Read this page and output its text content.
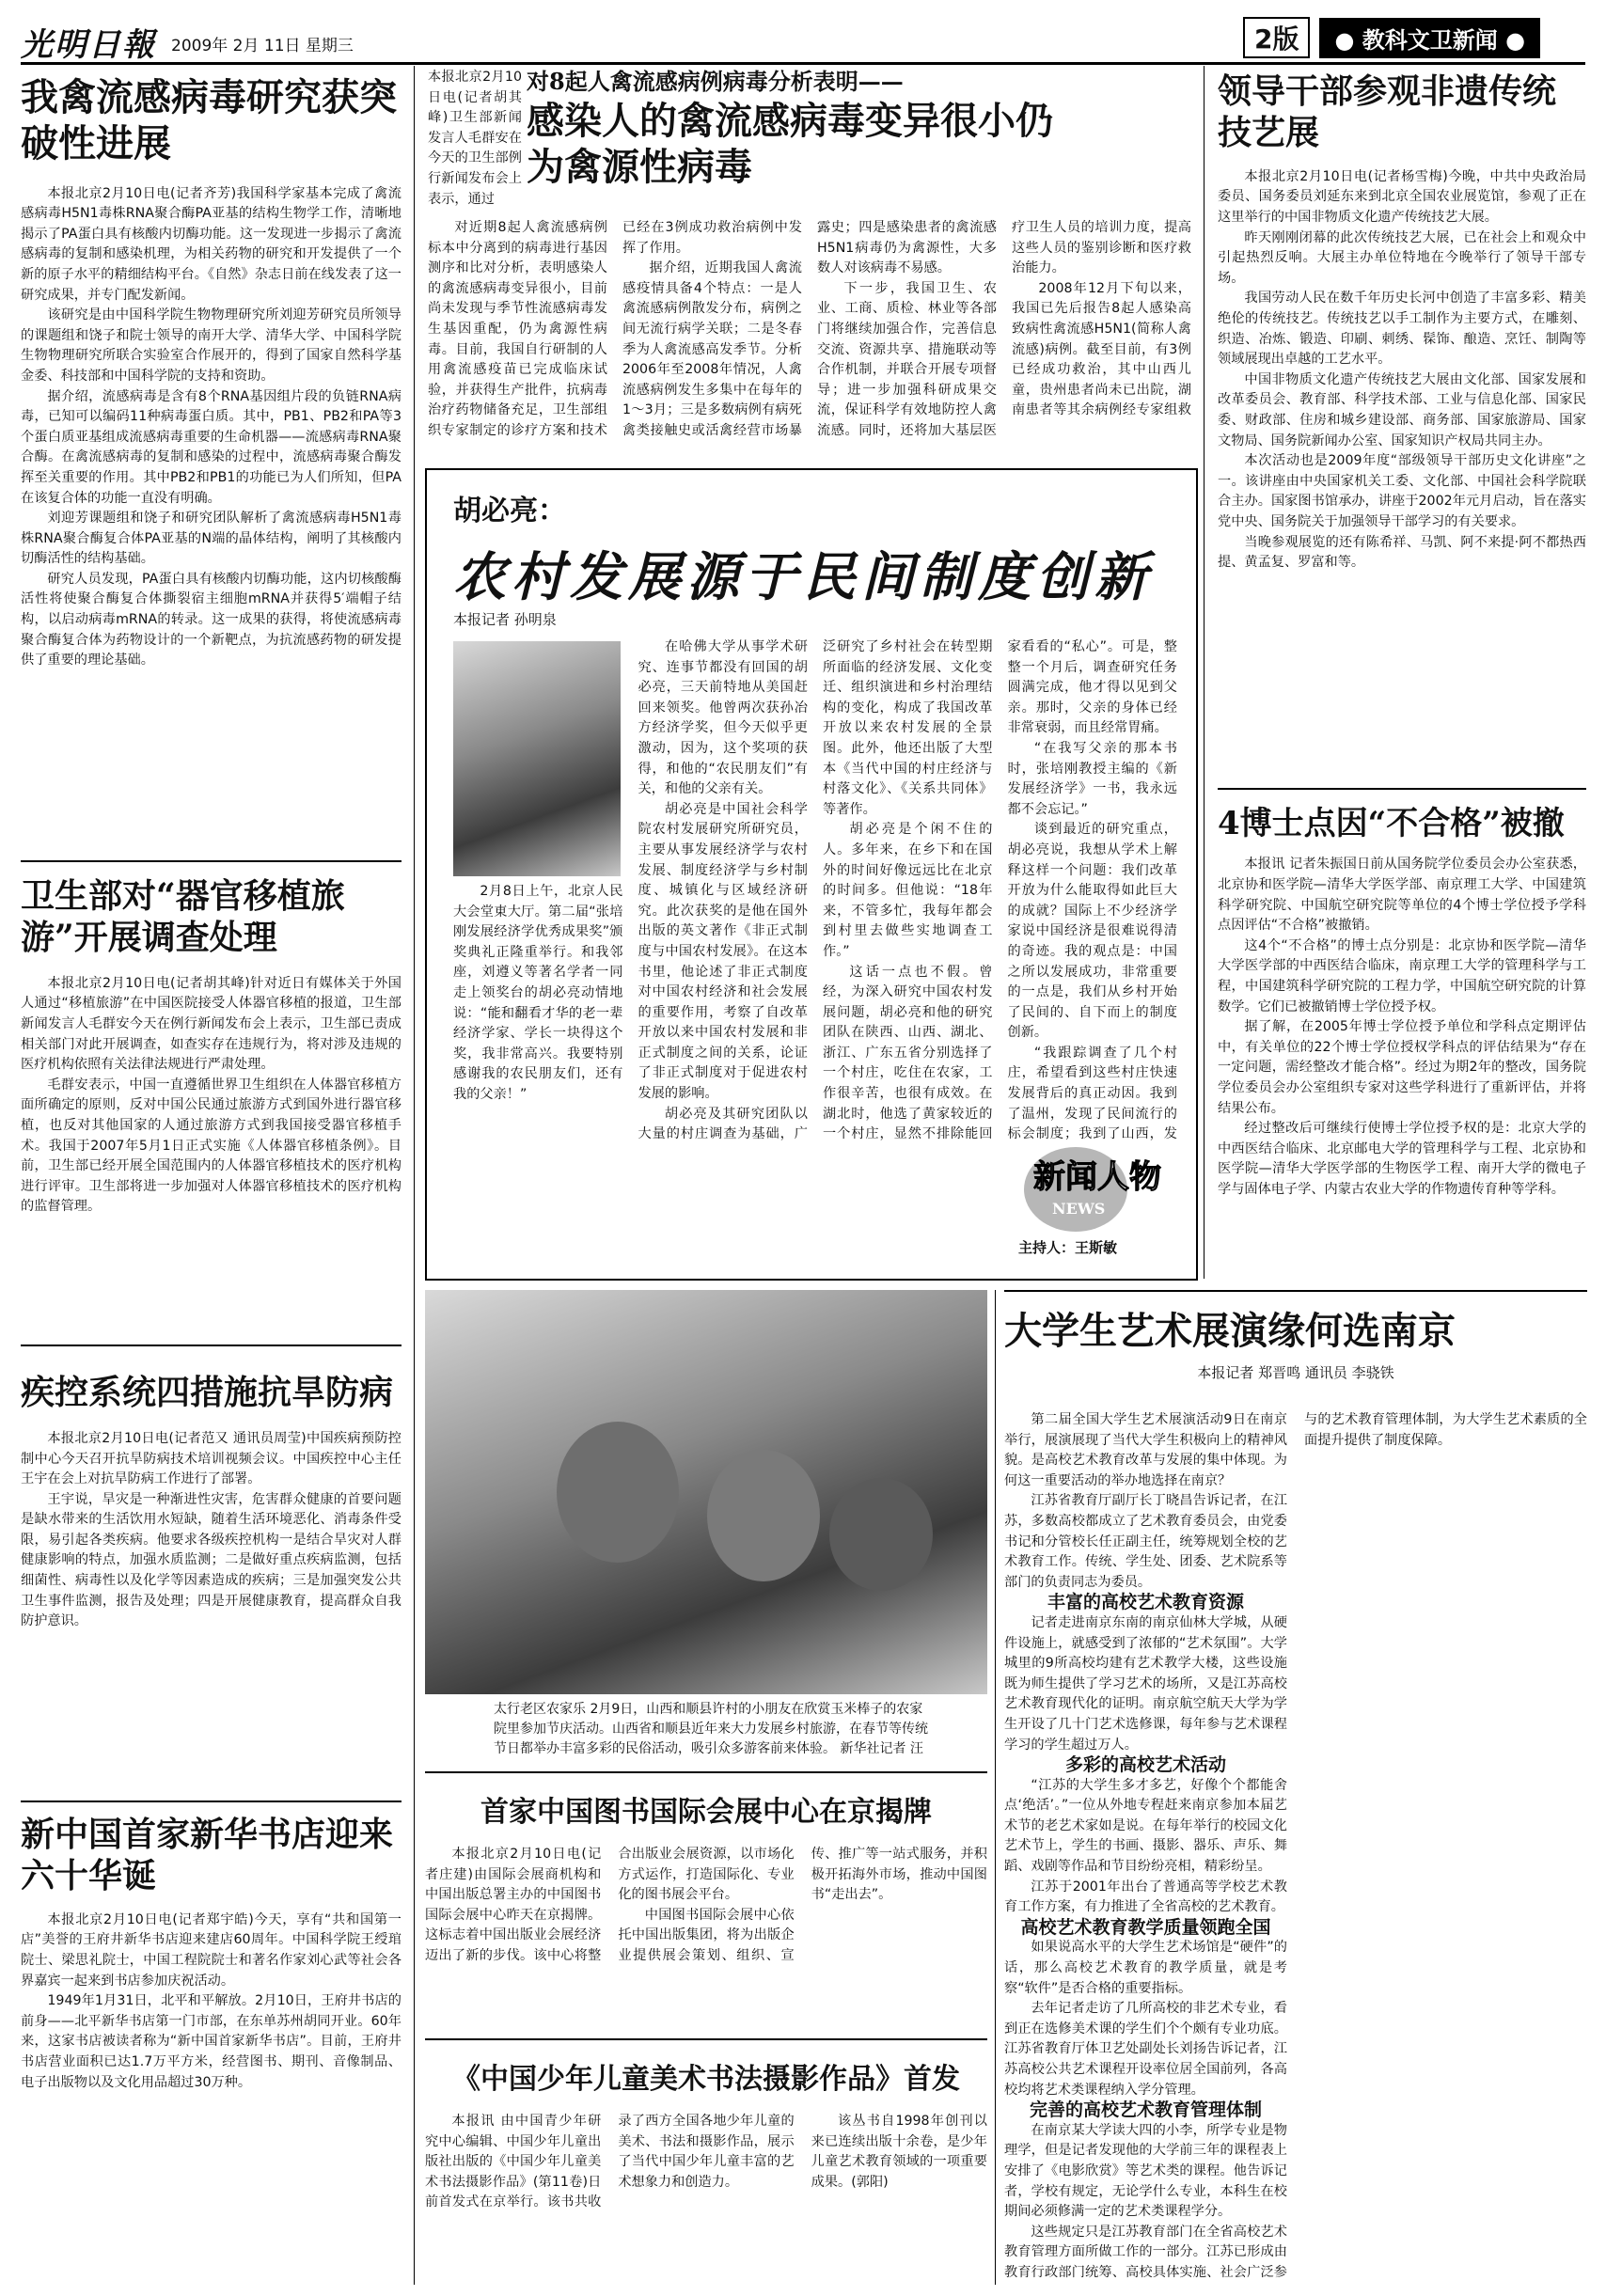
光明日報 2009年 2月 11日 星期三	2版	● 教科文卫新闻 ●
我禽流感病毒研究获突破性进展

本报北京2月10日电(记者齐芳)我国科学家基本完成了禽流感病毒H5N1毒株RNA聚合酶PA亚基的结构生物学工作，清晰地揭示了PA蛋白具有核酸内切酶功能。这一发现进一步揭示了禽流感病毒的复制和感染机理，为相关药物的研究和开发提供了一个新的原子水平的精细结构平台。《自然》杂志日前在线发表了这一研究成果，并专门配发新闻。

该研究是由中国科学院生物物理研究所刘迎芳研究员所领导的课题组和饶子和院士领导的南开大学、清华大学、中国科学院生物物理研究所联合实验室合作展开的，得到了国家自然科学基金委、科技部和中国科学院的支持和资助。

据介绍，流感病毒是含有8个RNA基因组片段的负链RNA病毒，已知可以编码11种病毒蛋白质。其中，PB1、PB2和PA等3个蛋白质亚基组成流感病毒重要的生命机器——流感病毒RNA聚合酶。在禽流感病毒的复制和感染的过程中，流感病毒聚合酶发挥至关重要的作用。其中PB2和PB1的功能已为人们所知，但PA在该复合体的功能一直没有明确。

刘迎芳课题组和饶子和研究团队解析了禽流感病毒H5N1毒株RNA聚合酶复合体PA亚基的N端的晶体结构，阐明了其核酸内切酶活性的结构基础。

研究人员发现，PA蛋白具有核酸内切酶功能，这内切核酸酶活性将使聚合酶复合体撕裂宿主细胞mRNA并获得5′端帽子结构，以启动病毒mRNA的转录。这一成果的获得，将使流感病毒聚合酶复合体为药物设计的一个新靶点，为抗流感药物的研发提供了重要的理论基础。

卫生部对“器官移植旅游”开展调查处理

本报北京2月10日电(记者胡其峰)针对近日有媒体关于外国人通过“移植旅游”在中国医院接受人体器官移植的报道，卫生部新闻发言人毛群安今天在例行新闻发布会上表示，卫生部已责成相关部门对此开展调查，如查实存在违规行为，将对涉及违规的医疗机构依照有关法律法规进行严肃处理。

毛群安表示，中国一直遵循世界卫生组织在人体器官移植方面所确定的原则，反对中国公民通过旅游方式到国外进行器官移植，也反对其他国家的人通过旅游方式到我国接受器官移植手术。我国于2007年5月1日正式实施《人体器官移植条例》。目前，卫生部已经开展全国范围内的人体器官移植技术的医疗机构进行评审。卫生部将进一步加强对人体器官移植技术的医疗机构的监督管理。

疾控系统四措施抗旱防病

本报北京2月10日电(记者范又 通讯员周莹)中国疾病预防控制中心今天召开抗旱防病技术培训视频会议。中国疾控中心主任王宇在会上对抗旱防病工作进行了部署。

王宇说，旱灾是一种渐进性灾害，危害群众健康的首要问题是缺水带来的生活饮用水短缺，随着生活环境恶化、消毒条件受限，易引起各类疾病。他要求各级疾控机构一是结合旱灾对人群健康影响的特点，加强水质监测；二是做好重点疾病监测，包括细菌性、病毒性以及化学等因素造成的疾病；三是加强突发公共卫生事件监测，报告及处理；四是开展健康教育，提高群众自我防护意识。

新中国首家新华书店迎来六十华诞

本报北京2月10日电(记者郑宇皓)今天，享有“共和国第一店”美誉的王府井新华书店迎来建店60周年。中国科学院王绶琯院士、梁思礼院士，中国工程院院士和著名作家刘心武等社会各界嘉宾一起来到书店参加庆祝活动。

1949年1月31日，北平和平解放。2月10日，王府井书店的前身——北平新华书店第一门市部，在东单苏州胡同开业。60年来，这家书店被读者称为“新中国首家新华书店”。目前，王府井书店营业面积已达1.7万平方米，经营图书、期刊、音像制品、电子出版物以及文化用品超过30万种。

本报北京2月10日电(记者胡其峰)卫生部新闻发言人毛群安在今天的卫生部例行新闻发布会上表示，通过
对8起人禽流感病例病毒分析表明——
感染人的禽流感病毒变异很小仍为禽源性病毒

对近期8起人禽流感病例标本中分离到的病毒进行基因测序和比对分析，表明感染人的禽流感病毒变异很小，目前尚未发现与季节性流感病毒发生基因重配，仍为禽源性病毒。目前，我国自行研制的人用禽流感疫苗已完成临床试验，并获得生产批件，抗病毒治疗药物储备充足，卫生部组织专家制定的诊疗方案和技术已经在3例成功救治病例中发挥了作用。

据介绍，近期我国人禽流感疫情具备4个特点：一是人禽流感病例散发分布，病例之间无流行病学关联；二是冬春季为人禽流感高发季节。分析2006年至2008年情况，人禽流感病例发生多集中在每年的1～3月；三是多数病例有病死禽类接触史或活禽经营市场暴露史；四是感染患者的禽流感H5N1病毒仍为禽源性，大多数人对该病毒不易感。

下一步，我国卫生、农业、工商、质检、林业等各部门将继续加强合作，完善信息交流、资源共享、措施联动等合作机制，并联合开展专项督导；进一步加强科研成果交流，保证科学有效地防控人禽流感。同时，还将加大基层医疗卫生人员的培训力度，提高这些人员的鉴别诊断和医疗救治能力。

2008年12月下旬以来，我国已先后报告8起人感染高致病性禽流感H5N1(简称人禽流感)病例。截至目前，有3例已经成功救治，其中山西儿童，贵州患者尚未已出院，湖南患者等其余病例经专家组救

胡必亮：
农村发展源于民间制度创新
本报记者 孙明泉

2月8日上午，北京人民大会堂東大厅。第二届“张培刚发展经济学优秀成果奖”颁奖典礼正隆重举行。和我邻座，刘遵义等著名学者一同走上领奖台的胡必亮动情地说：“能和翻看才华的老一辈经济学家、学长一块得这个奖，我非常高兴。我要特别感谢我的农民朋友们，还有我的父亲！”

在哈佛大学从事学术研究、连事节都没有回国的胡必亮，三天前特地从美国赶回来领奖。他曾两次获孙冶方经济学奖，但今天似乎更激动，因为，这个奖项的获得，和他的“农民朋友们”有关，和他的父亲有关。

胡必亮是中国社会科学院农村发展研究所研究员，主要从事发展经济学与农村发展、制度经济学与乡村制度、城镇化与区域经济研究。此次获奖的是他在国外出版的英文著作《非正式制度与中国农村发展》。在这本书里，他论述了非正式制度对中国农村经济和社会发展的重要作用，考察了自改革开放以来中国农村发展和非正式制度之间的关系，论证了非正式制度对于促进农村发展的影响。

胡必亮及其研究团队以大量的村庄调查为基础，广泛研究了乡村社会在转型期所面临的经济发展、文化变迁、组织演进和乡村治理结构的变化，构成了我国改革开放以来农村发展的全景图。此外，他还出版了大型本《当代中国的村庄经济与村落文化》、《关系共同体》等著作。

胡必亮是个闲不住的人。多年来，在乡下和在国外的时间好像远远比在北京的时间多。但他说：“18年来，不管多忙，我每年都会到村里去做些实地调查工作。”

这话一点也不假。曾经，为深入研究中国农村发展问题，胡必亮和他的研究团队在陕西、山西、湖北、浙江、广东五省分别选择了一个村庄，吃住在农家，工作很辛苦，也很有成效。在湖北时，他选了黄家较近的一个村庄，显然不排除能回家看看的“私心”。可是，整整一个月后，调查研究任务圆满完成，他才得以见到父亲。那时，父亲的身体已经非常衰弱，而且经常胃痛。

“在我写父亲的那本书时，张培刚教授主编的《新发展经济学》一书，我永远都不会忘记。”

谈到最近的研究重点，胡必亮说，我想从学术上解释这样一个问题：我们改革开放为什么能取得如此巨大的成就？国际上不少经济学家说中国经济是很难说得清的奇迹。我的观点是：中国之所以发展成功，非常重要的一点是，我们从乡村开始了民间的、自下而上的制度创新。

“我跟踪调查了几个村庄，希望看到这些村庄快速发展背后的真正动因。我到了温州，发现了民间流行的标会制度；我到了山西，发

新闻人物
NEWS
主持人：王斯敏
太行老区农家乐 2月9日，山西和顺县许村的小朋友在欣赏玉米棒子的农家院里参加节庆活动。山西省和顺县近年来大力发展乡村旅游，在春节等传统节日都举办丰富多彩的民俗活动，吸引众多游客前来体验。 新华社记者 汪
首家中国图书国际会展中心在京揭牌

本报北京2月10日电(记者庄建)由国际会展商机构和中国出版总署主办的中国图书国际会展中心昨天在京揭牌。这标志着中国出版业会展经济迈出了新的步伐。该中心将整合出版业会展资源，以市场化方式运作，打造国际化、专业化的图书展会平台。

中国图书国际会展中心依托中国出版集团，将为出版企业提供展会策划、组织、宣传、推广等一站式服务，并积极开拓海外市场，推动中国图书“走出去”。

《中国少年儿童美术书法摄影作品》首发

本报讯 由中国青少年研究中心编辑、中国少年儿童出版社出版的《中国少年儿童美术书法摄影作品》(第11卷)日前首发式在京举行。该书共收录了西方全国各地少年儿童的美术、书法和摄影作品，展示了当代中国少年儿童丰富的艺术想象力和创造力。

该丛书自1998年创刊以来已连续出版十余卷，是少年儿童艺术教育领域的一项重要成果。(郭阳)

领导干部参观非遗传统技艺展

本报北京2月10日电(记者杨雪梅)今晚，中共中央政治局委员、国务委员刘延东来到北京全国农业展览馆，参观了正在这里举行的中国非物质文化遗产传统技艺大展。

昨天刚刚闭幕的此次传统技艺大展，已在社会上和观众中引起热烈反响。大展主办单位特地在今晚举行了领导干部专场。

我国劳动人民在数千年历史长河中创造了丰富多彩、精美绝伦的传统技艺。传统技艺以手工制作为主要方式，在雕刻、织造、冶炼、锻造、印刷、刺绣、髹饰、酿造、烹饪、制陶等领域展现出卓越的工艺水平。

中国非物质文化遗产传统技艺大展由文化部、国家发展和改革委员会、教育部、科学技术部、工业与信息化部、国家民委、财政部、住房和城乡建设部、商务部、国家旅游局、国家文物局、国务院新闻办公室、国家知识产权局共同主办。

本次活动也是2009年度“部级领导干部历史文化讲座”之一。该讲座由中央国家机关工委、文化部、中国社会科学院联合主办。国家图书馆承办，讲座于2002年元月启动，旨在落实党中央、国务院关于加强领导干部学习的有关要求。

当晚参观展览的还有陈希祥、马凯、阿不来提·阿不都热西提、黄孟复、罗富和等。

4博士点因“不合格”被撤

本报讯 记者朱振国日前从国务院学位委员会办公室获悉，北京协和医学院—清华大学医学部、南京理工大学、中国建筑科学研究院、中国航空研究院等单位的4个博士学位授予学科点因评估“不合格”被撤销。

这4个“不合格”的博士点分别是：北京协和医学院—清华大学医学部的中西医结合临床，南京理工大学的管理科学与工程，中国建筑科学研究院的工程力学，中国航空研究院的计算数学。它们已被撤销博士学位授予权。

据了解，在2005年博士学位授予单位和学科点定期评估中，有关单位的22个博士学位授权学科点的评估结果为“存在一定问题，需经整改才能合格”。经过为期2年的整改，国务院学位委员会办公室组织专家对这些学科进行了重新评估，并将结果公布。

经过整改后可继续行使博士学位授予权的是：北京大学的中西医结合临床、北京邮电大学的管理科学与工程、北京协和医学院—清华大学医学部的生物医学工程、南开大学的微电子学与固体电子学、内蒙古农业大学的作物遗传育种等学科。

大学生艺术展演缘何选南京
本报记者 郑晋鸣 通讯员 李骁铁

第二届全国大学生艺术展演活动9日在南京举行，展演展现了当代大学生积极向上的精神风貌。是高校艺术教育改革与发展的集中体现。为何这一重要活动的举办地选择在南京？

江苏省教育厅副厅长丁晓昌告诉记者，在江苏，多数高校都成立了艺术教育委员会，由党委书记和分管校长任正副主任，统筹规划全校的艺术教育工作。传统、学生处、团委、艺术院系等部门的负责同志为委员。

丰富的高校艺术教育资源

记者走进南京东南的南京仙林大学城，从硬件设施上，就感受到了浓郁的“艺术氛围”。大学城里的9所高校均建有艺术教学大楼，这些设施既为师生提供了学习艺术的场所，又是江苏高校艺术教育现代化的证明。南京航空航天大学为学生开设了几十门艺术选修课，每年参与艺术课程学习的学生超过万人。

多彩的高校艺术活动

“江苏的大学生多才多艺，好像个个都能舍点‘绝活’。”一位从外地专程赶来南京参加本届艺术节的老艺术家如是说。在每年举行的校园文化艺术节上，学生的书画、摄影、器乐、声乐、舞蹈、戏剧等作品和节目纷纷亮相，精彩纷呈。

江苏于2001年出台了普通高等学校艺术教育工作方案，有力推进了全省高校的艺术教育。

高校艺术教育教学质量领跑全国

如果说高水平的大学生艺术场馆是“硬件”的话，那么高校艺术教育的教学质量，就是考察“软件”是否合格的重要指标。

去年记者走访了几所高校的非艺术专业，看到正在选修美术课的学生们个个颇有专业功底。江苏省教育厅体卫艺处副处长刘扬告诉记者，江苏高校公共艺术课程开设率位居全国前列，各高校均将艺术类课程纳入学分管理。

完善的高校艺术教育管理体制

在南京某大学读大四的小李，所学专业是物理学，但是记者发现他的大学前三年的课程表上安排了《电影欣赏》等艺术类的课程。他告诉记者，学校有规定，无论学什么专业，本科生在校期间必须修满一定的艺术类课程学分。

这些规定只是江苏教育部门在全省高校艺术教育管理方面所做工作的一部分。江苏已形成由教育行政部门统筹、高校具体实施、社会广泛参与的艺术教育管理体制，为大学生艺术素质的全面提升提供了制度保障。
